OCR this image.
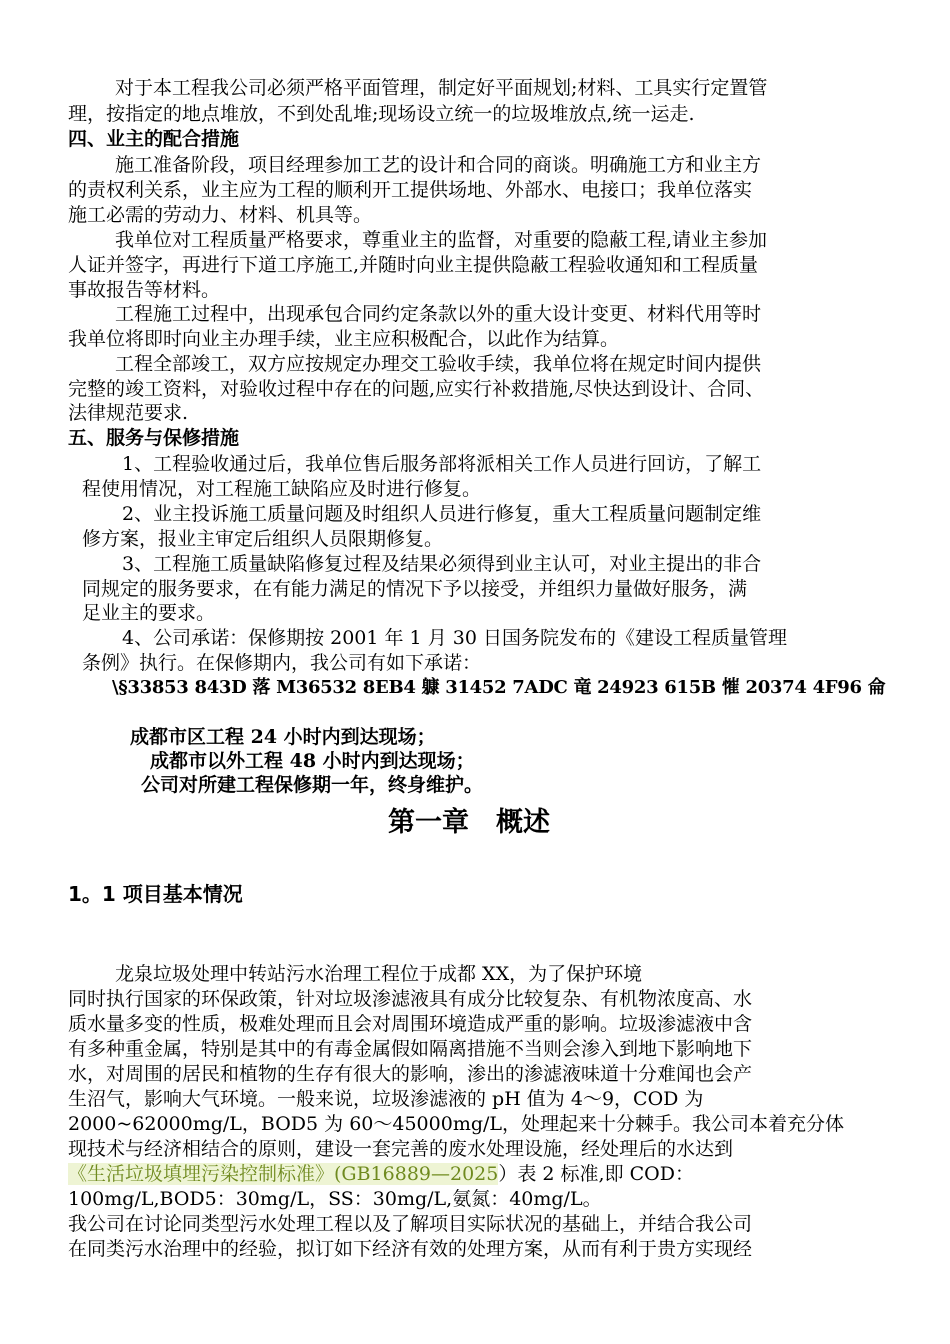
对于本工程我公司必须严格平面管理，制定好平面规划;材料、工具实行定置管
理，按指定的地点堆放，不到处乱堆;现场设立统一的垃圾堆放点,统一运走.
四、业主的配合措施
施工准备阶段，项目经理参加工艺的设计和合同的商谈。明确施工方和业主方
的责权利关系，业主应为工程的顺利开工提供场地、外部水、电接口；我单位落实
施工必需的劳动力、材料、机具等。
我单位对工程质量严格要求，尊重业主的监督，对重要的隐蔽工程,请业主参加
人证并签字，再进行下道工序施工,并随时向业主提供隐蔽工程验收通知和工程质量
事故报告等材料。
工程施工过程中，出现承包合同约定条款以外的重大设计变更、材料代用等时
我单位将即时向业主办理手续，业主应积极配合，以此作为结算。
工程全部竣工，双方应按规定办理交工验收手续，我单位将在规定时间内提供
完整的竣工资料，对验收过程中存在的问题,应实行补救措施,尽快达到设计、合同、
法律规范要求.
五、服务与保修措施
1、工程验收通过后，我单位售后服务部将派相关工作人员进行回访，了解工
程使用情况，对工程施工缺陷应及时进行修复。
2、业主投诉施工质量问题及时组织人员进行修复，重大工程质量问题制定维
修方案，报业主审定后组织人员限期修复。
3、工程施工质量缺陷修复过程及结果必须得到业主认可，对业主提出的非合
同规定的服务要求，在有能力满足的情况下予以接受，并组织力量做好服务，满
足业主的要求。
4、公司承诺：保修期按 2001 年 1 月 30 日国务院发布的《建设工程质量管理
条例》执行。在保修期内，我公司有如下承诺：
\§33853 843D 落 M36532 8EB4 躿 31452 7ADC 竜 24923 615B 慛 20374 4F96 侖
成都市区工程 24 小时内到达现场；
成都市以外工程 48 小时内到达现场；
公司对所建工程保修期一年，终身维护。
第一章　概述
1。1 项目基本情况
龙泉垃圾处理中转站污水治理工程位于成都 XX，为了保护环境
同时执行国家的环保政策，针对垃圾渗滤液具有成分比较复杂、有机物浓度高、水
质水量多变的性质，极难处理而且会对周围环境造成严重的影响。垃圾渗滤液中含
有多种重金属，特别是其中的有毒金属假如隔离措施不当则会渗入到地下影响地下
水，对周围的居民和植物的生存有很大的影响，渗出的渗滤液味道十分难闻也会产
生沼气，影响大气环境。一般来说，垃圾渗滤液的 pH 值为 4～9，COD 为
2000~62000mg/L，BOD5 为 60～45000mg/L，处理起来十分棘手。我公司本着充分体
现技术与经济相结合的原则，建设一套完善的废水处理设施，经处理后的水达到
《生活垃圾填埋污染控制标准》(GB16889—2025）表 2 标准,即 COD：
100mg/L,BOD5：30mg/L，SS：30mg/L,氨氮：40mg/L。
我公司在讨论同类型污水处理工程以及了解项目实际状况的基础上，并结合我公司
在同类污水治理中的经验，拟订如下经济有效的处理方案，从而有利于贵方实现经
